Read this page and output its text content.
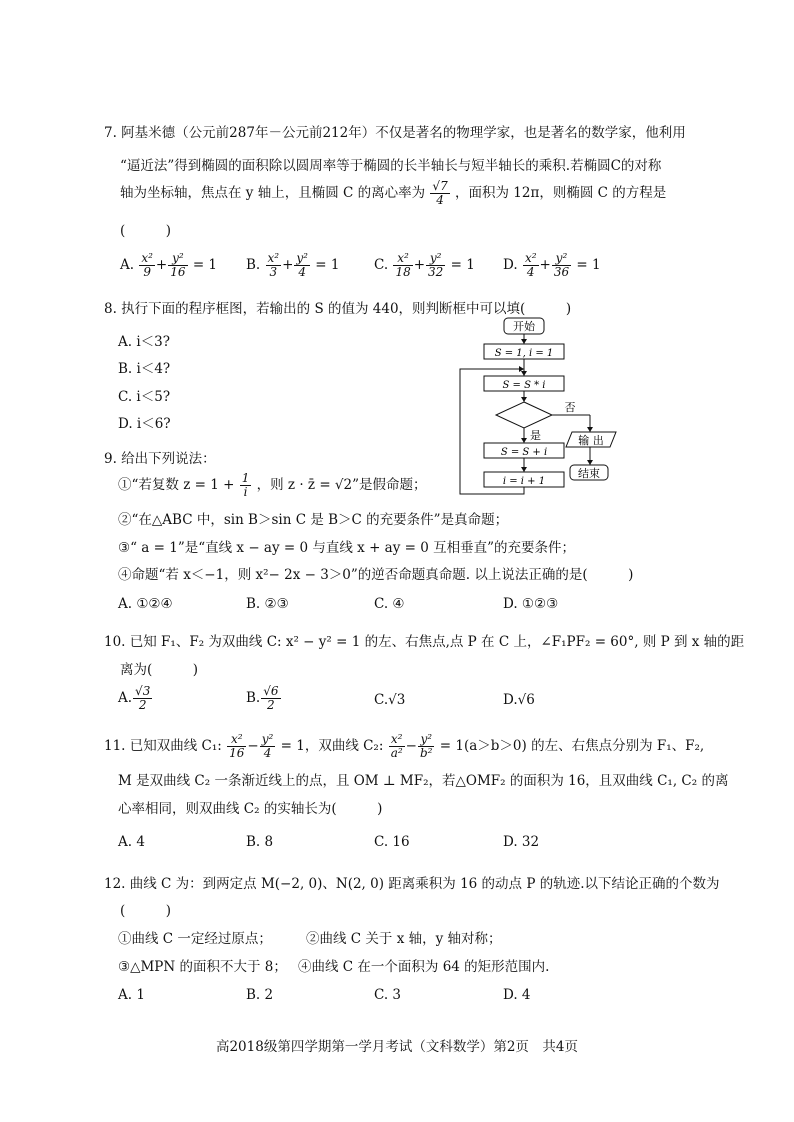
7. 阿基米德（公元前287年－公元前212年）不仅是著名的物理学家，也是著名的数学家，他利用
“逼近法”得到椭圆的面积除以圆周率等于椭圆的长半轴长与短半轴长的乘积.若椭圆C的对称
轴为坐标轴，焦点在 y 轴上，且椭圆 C 的离心率为 $\frac{√7}{4}$ ，面积为 12π，则椭圆 C 的方程是
(　　　)
A. $\frac{\text{x²}}{9} + \frac{\text{y²}}{16} = 1$ B. $\frac{\text{x²}}{3} + \frac{\text{y²}}{4} = 1$	C. $\frac{\text{x²}}{18} + \frac{\text{y²}}{32} = 1$ D. $\frac{\text{x²}}{4} + \frac{\text{y²}}{36} = 1$
8. 执行下面的程序框图，若输出的 S 的值为 440，则判断框中可以填(　　　)
A. i＜3?
B. i＜4?
C. i＜5?
D. i＜6?
开始
S = 1, i = 1
S = S * i
否
是	输 出
S = S + i
i = i + 1
结束
9. 给出下列说法：
①“若复数 $z = 1 + \frac{1}{i}$ ，则 z · z̄ = √2”是假命题；
②“在△ABC 中，sin B＞sin C 是 B＞C 的充要条件”是真命题；
③“ a = 1”是“直线 x − ay = 0 与直线 x + ay = 0 互相垂直”的充要条件；
④命题“若 x＜−1，则 x²− 2x − 3＞0”的逆否命题真命题. 以上说法正确的是(　　　)
A. ①②④	B. ②③	C. ④	D. ①②③
10. 已知 F₁、F₂ 为双曲线 C: x² − y² = 1 的左、右焦点,点 P 在 C 上，∠F₁PF₂ = 60°, 则 P 到 x 轴的距
离为(　　　)
A. $\frac{√3}{2}$	B. $\frac{√6}{2}$	C.√3	D.√6
11. 已知双曲线 C₁: $\frac{\text{x²}}{16} - \frac{\text{y²}}{4} = 1$，双曲线 C₂: $\frac{\text{x²}}{\text{a²}} - \frac{\text{y²}}{\text{b²}} = 1(a>b>0)$ 的左、右焦点分别为 F₁、F₂,
M 是双曲线 C₂ 一条渐近线上的点，且 OM ⊥ MF₂，若△OMF₂ 的面积为 16，且双曲线 C₁, C₂ 的离
心率相同，则双曲线 C₂ 的实轴长为(　　　)
A. 4	B. 8	C. 16	D. 32
12. 曲线 C 为：到两定点 M(−2, 0)、N(2, 0) 距离乘积为 16 的动点 P 的轨迹.以下结论正确的个数为
(　　　)
①曲线 C 一定经过原点；	②曲线 C 关于 x 轴，y 轴对称；
③△MPN 的面积不大于 8； ④曲线 C 在一个面积为 64 的矩形范围内.
A. 1	B. 2	C. 3	D. 4
高2018级第四学期第一学月考试（文科数学）第2页　共4页
